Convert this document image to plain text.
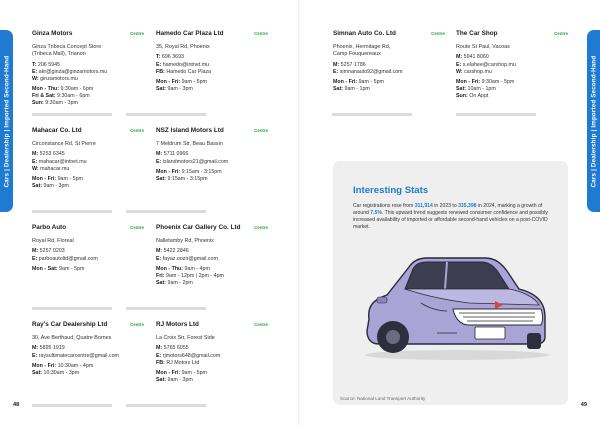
Cars | Dealership | Imported Second-Hand
Ginza Motors	Centre
Ginza Tribeca Concept Store
(Tribeca Mall), Trianon
T: 206 5945
E: akr@ginza@ginzamotors.mu
W: ginzamotors.mu
Mon - Thu: 9:30am - 6pm
Fri & Sat: 9:30am - 6pm
Sun: 9:30am - 3pm
Hamedo Car Plaza Ltd	Centre
35, Royal Rd, Phoenix
T: 696 3693
E: hamedo@intnet.mu
FB: Hamedo Car Plaza
Mon - Fri: 9am - 5pm
Sat: 9am - 3pm
Mahacar Co. Ltd	Centre
Circonstance Rd, St Pierre
M: 5253 6345
E: mahacar@intnet.mu
W: mahacar.mu
Mon - Fri: 9am - 5pm
Sat: 9am - 3pm
NSZ Island Motors Ltd	Centre
7 Meldrum Str, Beau Bassin
M: 5711 0966
E: islandmotors21@gmail.com
Mon - Fri: 9:15am - 3:15pm
Sat: 9:15am - 3:15pm
Parbo Auto	Centre
Royal Rd, Floreal
M: 5257 0203
E: parboautoltd@gmail.com
Mon - Sat: 9am - 5pm
Phoenix Car Gallery Co. Ltd	Centre
Nalletamby Rd, Phoenix
M: 5422 2846
E: fayaz.oozir@gmail.com
Mon - Thu: 9am - 4pm
Fri: 9am - 12pm | 2pm - 4pm
Sat: 9am - 2pm
Ray's Car Dealership Ltd	Centre
30, Ave Berthaud, Quatre Bornes
M: 5895 1919
E: raysultimatecarcentre@gmail.com
Mon - Fri: 10:30am - 4pm
Sat: 10:30am - 3pm
RJ Motors Ltd	Centre
La Croix Str, Forest Side
M: 5765 6055
E: rjmotors648@gmail.com
FB: RJ Motors Ltd
Mon - Fri: 9am - 5pm
Sat: 9am - 3pm
48
Cars | Dealership | Imported Second-Hand
Simnan Auto Co. Ltd	Centre
Phoenix, Hermitage Rd,
Camp Fouquereaux
M: 5257 1786
E: simnanauto92@gmail.com
Mon - Fri: 9am - 5pm
Sat: 9am - 1pm
The Car Shop	Centre
Route St Paul, Vacoas
M: 5941 8060
E: s.elahee@carshop.mu
W: carshop.mu
Mon - Fri: 9:30am - 5pm
Sat: 10am - 1pm
Sun: On Appt
49
Interesting Stats
Car registrations rose from 311,914 in 2023 to 335,398 in 2024, marking a growth of around 7.5%. This upward trend suggests renewed consumer confidence and possibly increased availability of imported or affordable second-hand vehicles on a post-COVID market.
Source: National Land Transport Authority
